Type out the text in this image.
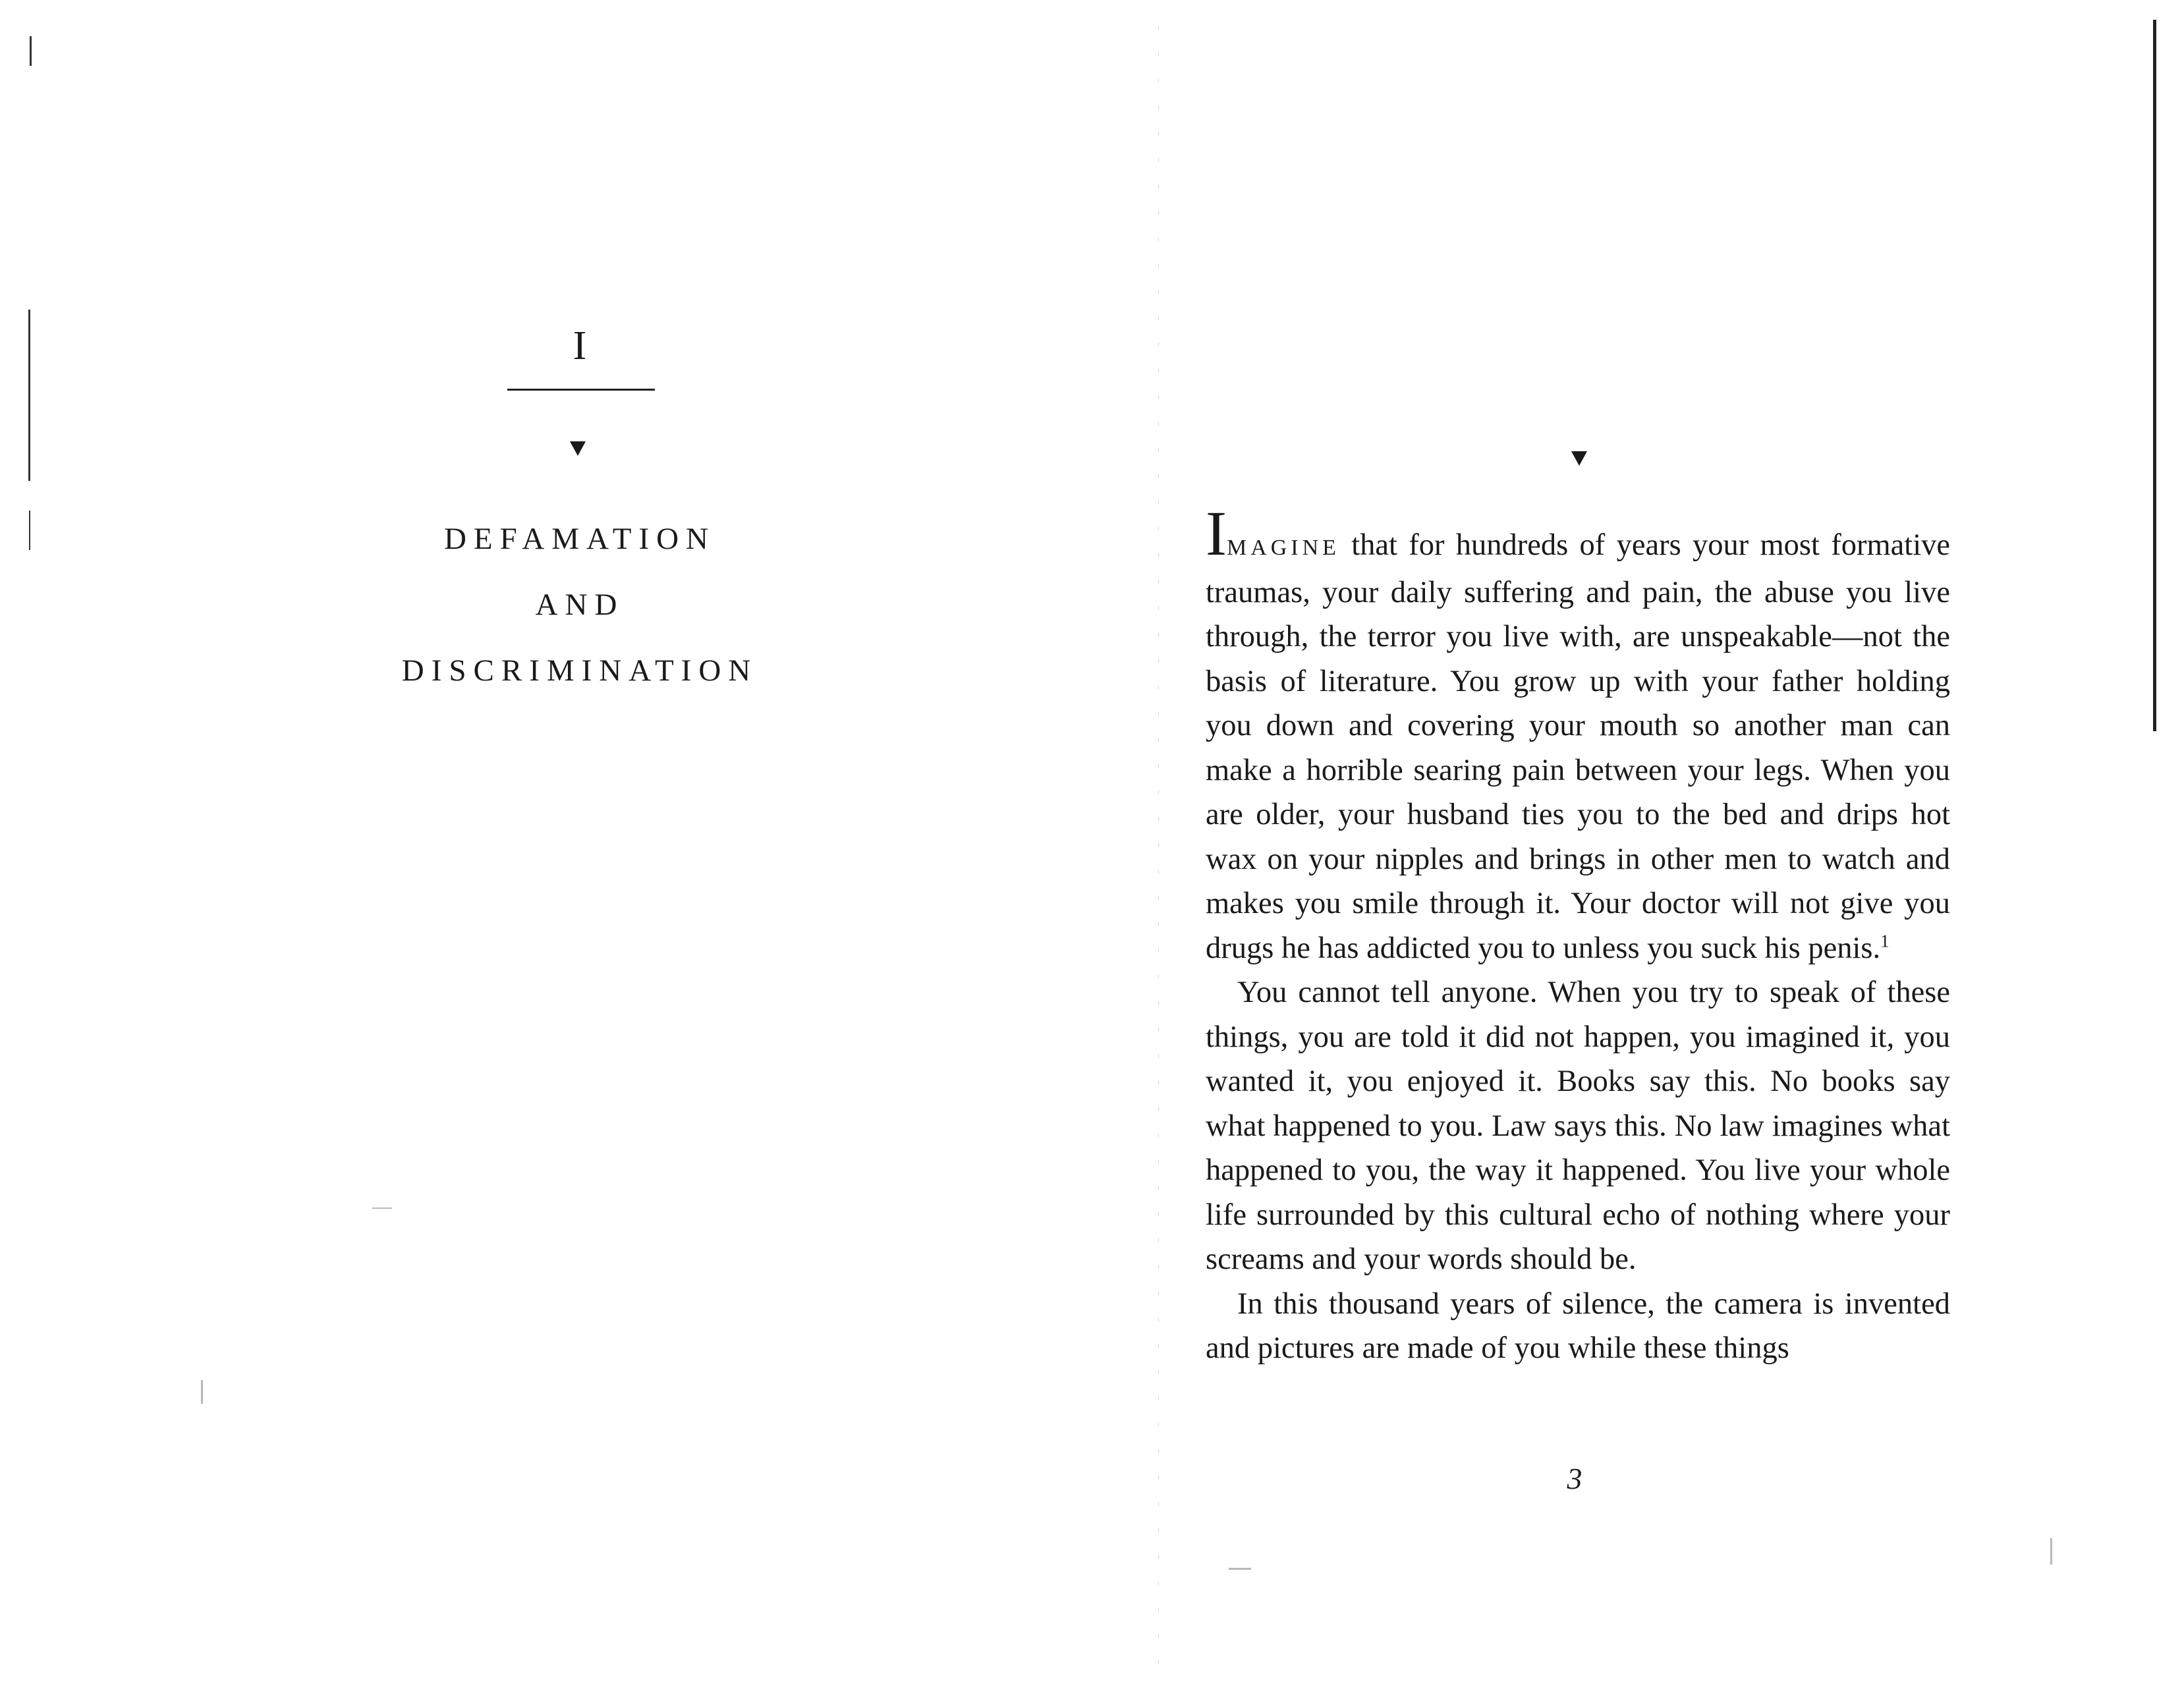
I
DEFAMATION
AND
DISCRIMINATION

IMAGINE that for hundreds of years your most formative traumas, your daily suffering and pain, the abuse you live through, the terror you live with, are unspeakable—not the basis of literature. You grow up with your father holding you down and covering your mouth so another man can make a horrible searing pain between your legs. When you are older, your husband ties you to the bed and drips hot wax on your nipples and brings in other men to watch and makes you smile through it. Your doctor will not give you drugs he has addicted you to unless you suck his penis.$^1$

You cannot tell anyone. When you try to speak of these things, you are told it did not happen, you imagined it, you wanted it, you enjoyed it. Books say this. No books say what happened to you. Law says this. No law imagines what happened to you, the way it happened. You live your whole life surrounded by this cultural echo of nothing where your screams and your words should be.

In this thousand years of silence, the camera is invented and pictures are made of you while these things

3
